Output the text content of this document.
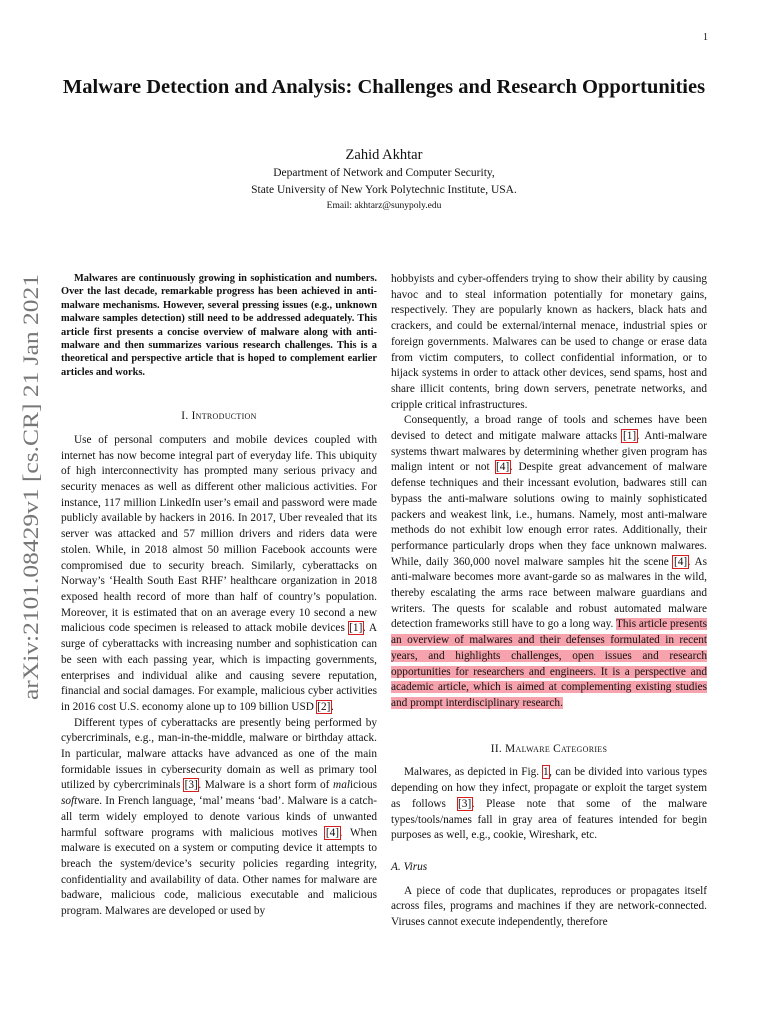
1
Malware Detection and Analysis: Challenges and Research Opportunities
Zahid Akhtar
Department of Network and Computer Security,
State University of New York Polytechnic Institute, USA.
Email: akhtarz@sunypoly.edu
arXiv:2101.08429v1 [cs.CR] 21 Jan 2021

Malwares are continuously growing in sophistication and numbers. Over the last decade, remarkable progress has been achieved in anti-malware mechanisms. However, several pressing issues (e.g., unknown malware samples detection) still need to be addressed adequately. This article first presents a concise overview of malware along with anti-malware and then summarizes various research challenges. This is a theoretical and perspective article that is hoped to complement earlier articles and works.

I. Introduction

Use of personal computers and mobile devices coupled with internet has now become integral part of everyday life. This ubiquity of high interconnectivity has prompted many serious privacy and security menaces as well as different other malicious activities. For instance, 117 million LinkedIn user’s email and password were made publicly available by hackers in 2016. In 2017, Uber revealed that its server was attacked and 57 million drivers and riders data were stolen. While, in 2018 almost 50 million Facebook accounts were compromised due to security breach. Similarly, cyberattacks on Norway’s ‘Health South East RHF’ healthcare organization in 2018 exposed health record of more than half of country’s population. Moreover, it is estimated that on an average every 10 second a new malicious code specimen is released to attack mobile devices [1]. A surge of cyberattacks with increasing number and sophistication can be seen with each passing year, which is impacting governments, enterprises and individual alike and causing severe reputation, financial and social damages. For example, malicious cyber activities in 2016 cost U.S. economy alone up to 109 billion USD [2].

Different types of cyberattacks are presently being performed by cybercriminals, e.g., man-in-the-middle, malware or birthday attack. In particular, malware attacks have advanced as one of the main formidable issues in cybersecurity domain as well as primary tool utilized by cybercriminals [3]. Malware is a short form of malicious software. In French language, ‘mal’ means ‘bad’. Malware is a catch-all term widely employed to denote various kinds of unwanted harmful software programs with malicious motives [4]. When malware is executed on a system or computing device it attempts to breach the system/device’s security policies regarding integrity, confidentiality and availability of data. Other names for malware are badware, malicious code, malicious executable and malicious program. Malwares are developed or used by

hobbyists and cyber-offenders trying to show their ability by causing havoc and to steal information potentially for monetary gains, respectively. They are popularly known as hackers, black hats and crackers, and could be external/internal menace, industrial spies or foreign governments. Malwares can be used to change or erase data from victim computers, to collect confidential information, or to hijack systems in order to attack other devices, send spams, host and share illicit contents, bring down servers, penetrate networks, and cripple critical infrastructures.

Consequently, a broad range of tools and schemes have been devised to detect and mitigate malware attacks [1]. Anti-malware systems thwart malwares by determining whether given program has malign intent or not [4]. Despite great advancement of malware defense techniques and their incessant evolution, badwares still can bypass the anti-malware solutions owing to mainly sophisticated packers and weakest link, i.e., humans. Namely, most anti-malware methods do not exhibit low enough error rates. Additionally, their performance particularly drops when they face unknown malwares. While, daily 360,000 novel malware samples hit the scene [4]. As anti-malware becomes more avant-garde so as malwares in the wild, thereby escalating the arms race between malware guardians and writers. The quests for scalable and robust automated malware detection frameworks still have to go a long way. This article presents an overview of malwares and their defenses formulated in recent years, and highlights challenges, open issues and research opportunities for researchers and engineers. It is a perspective and academic article, which is aimed at complementing existing studies and prompt interdisciplinary research.

II. Malware Categories

Malwares, as depicted in Fig. 1, can be divided into various types depending on how they infect, propagate or exploit the target system as follows [3]. Please note that some of the malware types/tools/names fall in gray area of features intended for begin purposes as well, e.g., cookie, Wireshark, etc.

A. Virus

A piece of code that duplicates, reproduces or propagates itself across files, programs and machines if they are network-connected. Viruses cannot execute independently, therefore
